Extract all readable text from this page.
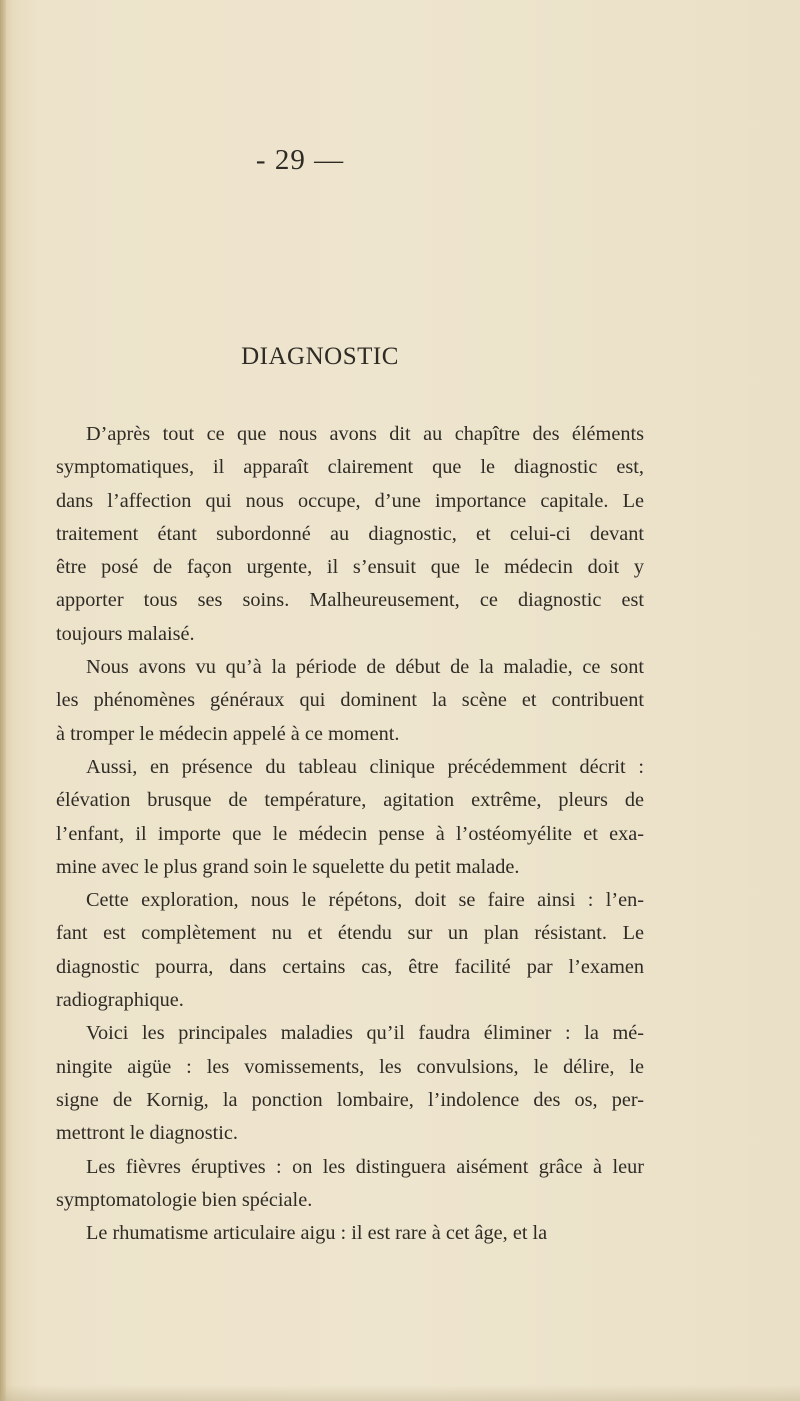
- 29 —
DIAGNOSTIC
D’après tout ce que nous avons dit au chapître des éléments
symptomatiques, il apparaît clairement que le diagnostic est,
dans l’affection qui nous occupe, d’une importance capitale. Le
traitement étant subordonné au diagnostic, et celui-ci devant
être posé de façon urgente, il s’ensuit que le médecin doit y
apporter tous ses soins. Malheureusement, ce diagnostic est
toujours malaisé.
Nous avons vu qu’à la période de début de la maladie, ce sont
les phénomènes généraux qui dominent la scène et contribuent
à tromper le médecin appelé à ce moment.
Aussi, en présence du tableau clinique précédemment décrit :
élévation brusque de température, agitation extrême, pleurs de
l’enfant, il importe que le médecin pense à l’ostéomyélite et exa-
mine avec le plus grand soin le squelette du petit malade.
Cette exploration, nous le répétons, doit se faire ainsi : l’en-
fant est complètement nu et étendu sur un plan résistant. Le
diagnostic pourra, dans certains cas, être facilité par l’examen
radiographique.
Voici les principales maladies qu’il faudra éliminer : la mé-
ningite aigüe : les vomissements, les convulsions, le délire, le
signe de Kornig, la ponction lombaire, l’indolence des os, per-
mettront le diagnostic.
Les fièvres éruptives : on les distinguera aisément grâce à leur
symptomatologie bien spéciale.
Le rhumatisme articulaire aigu : il est rare à cet âge, et la
